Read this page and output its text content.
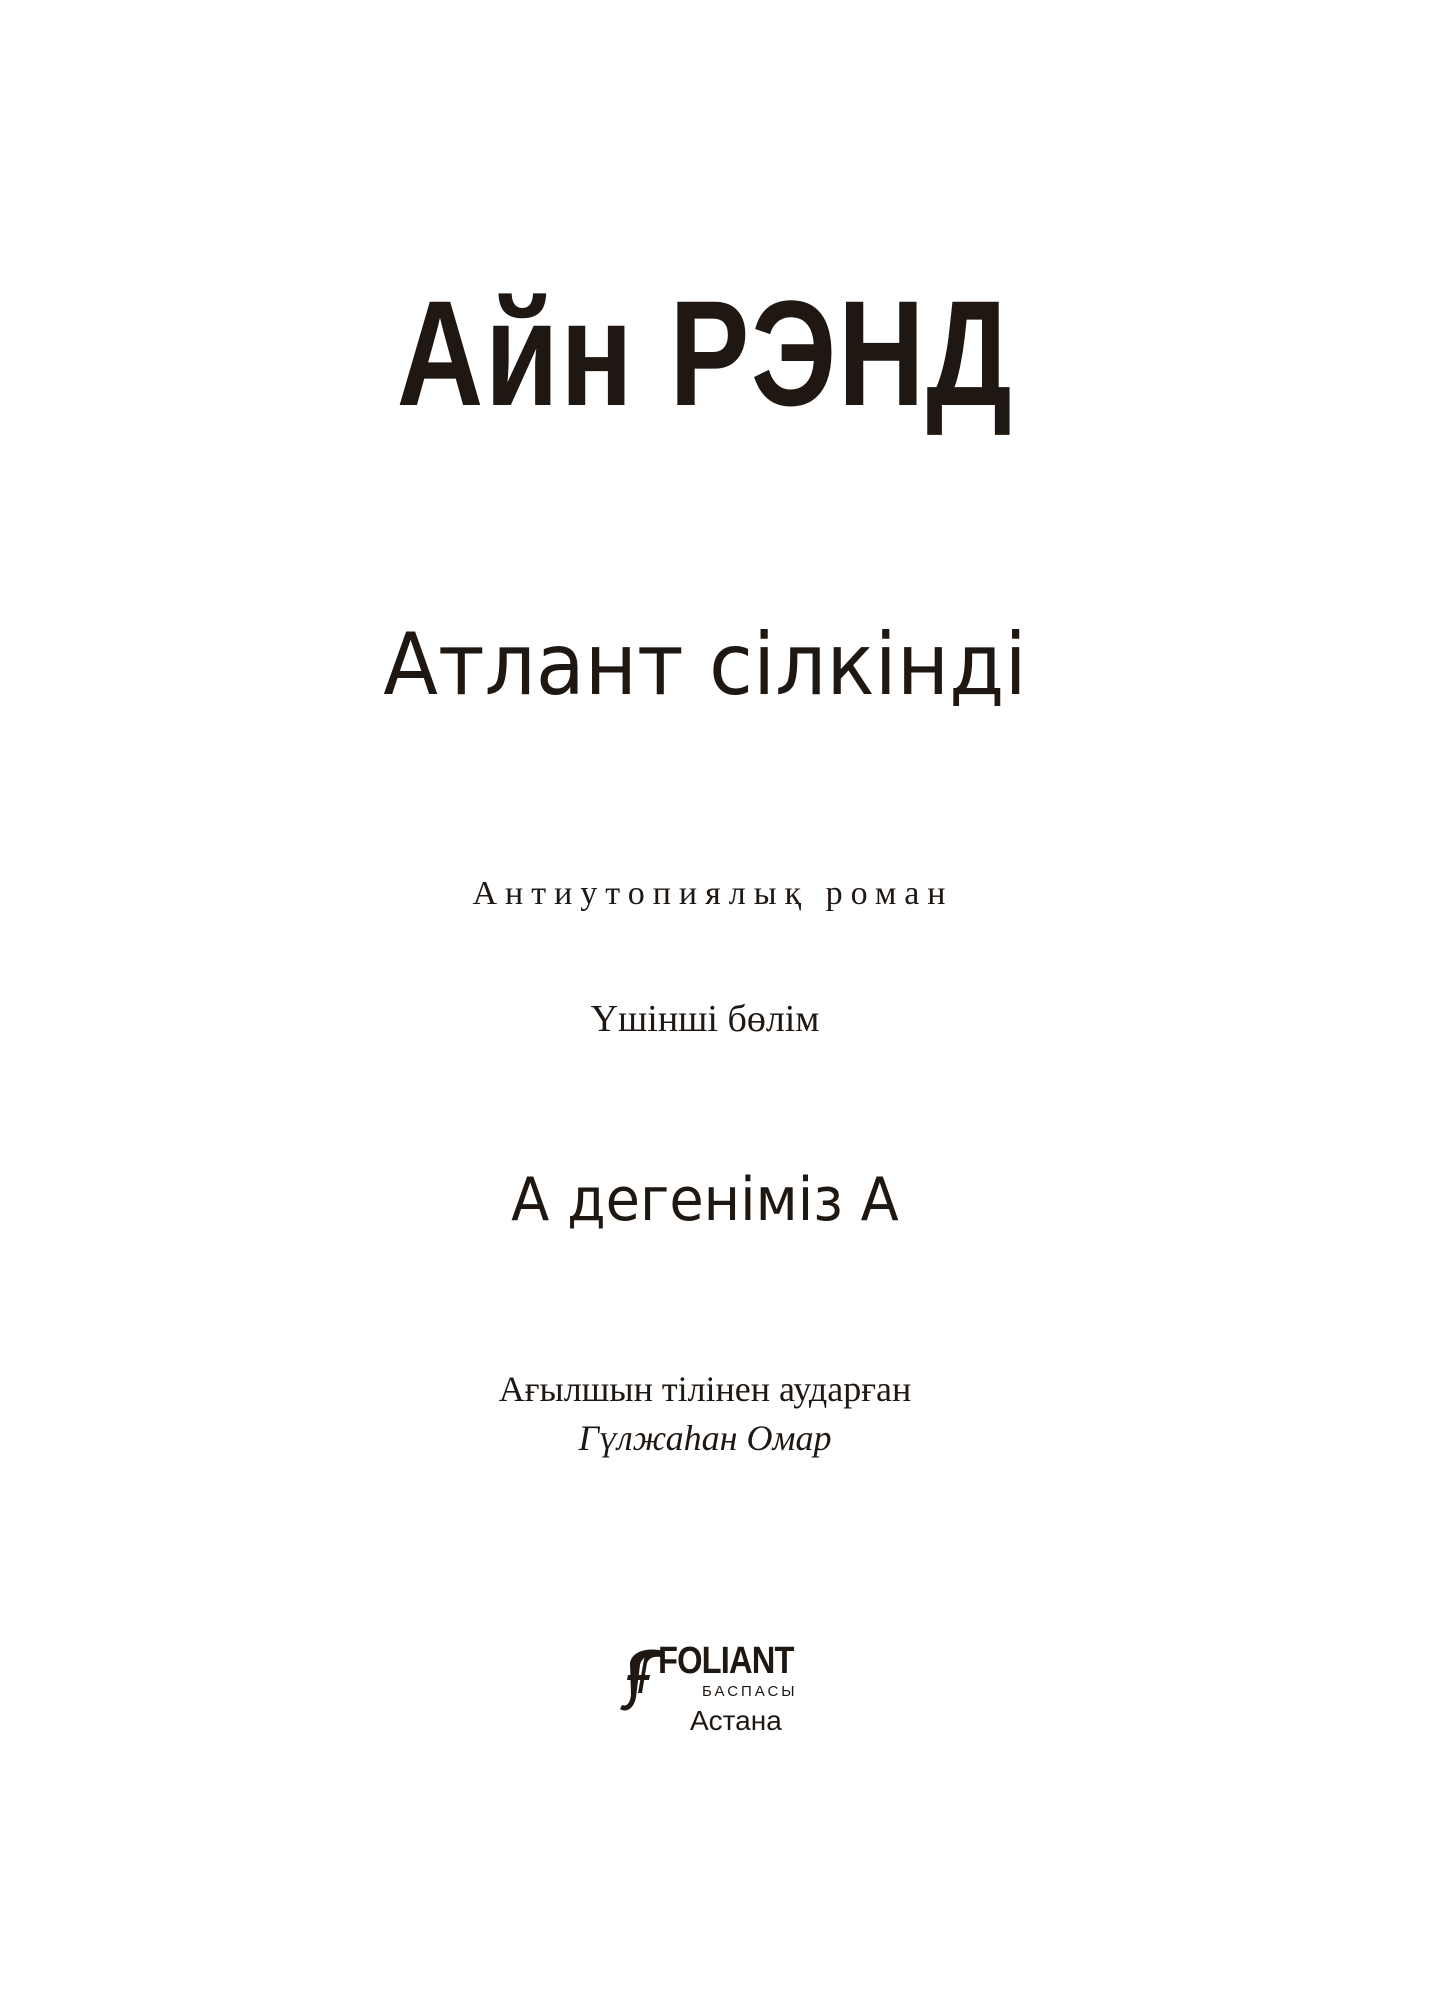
Айн РЭНД
Атлант сілкінді
Антиутопиялық роман
Үшінші бөлім
А дегеніміз А
Ағылшын тілінен аударған
Гүлжаһан Омар
FOLIANT
БАСПАСЫ
Астана
